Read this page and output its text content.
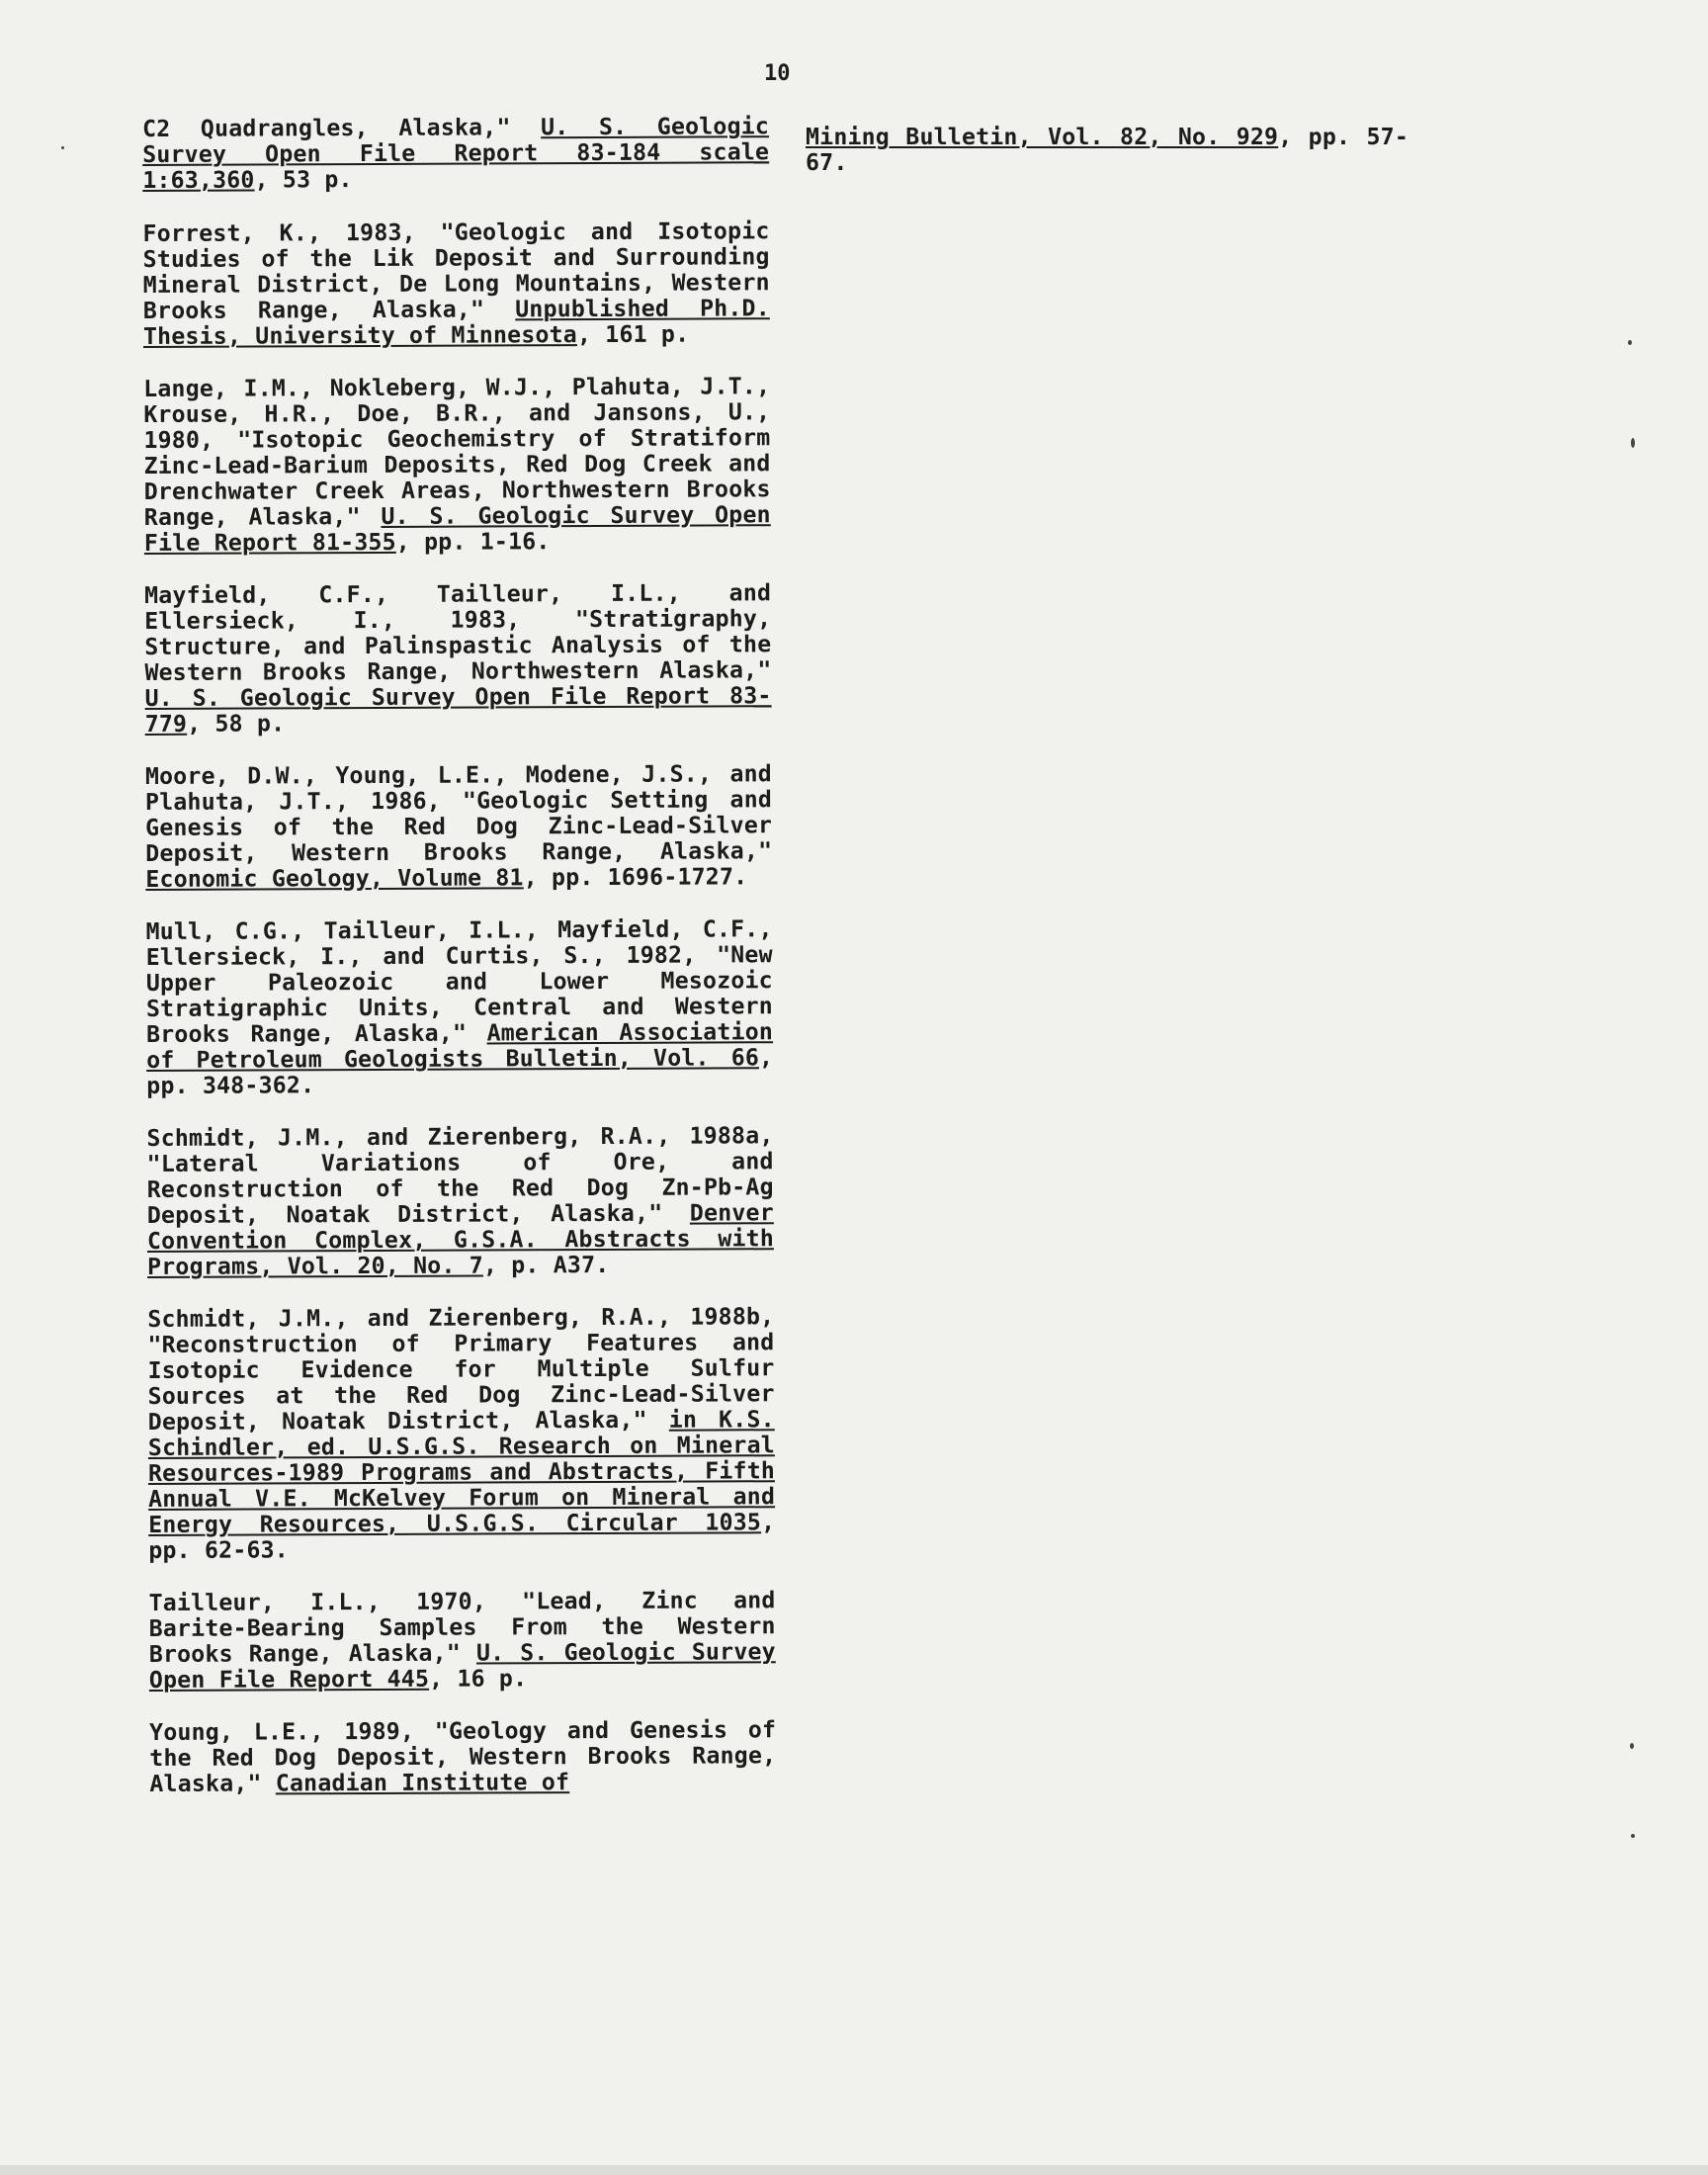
10

C2 Quadrangles, Alaska," U. S. Geologic Survey Open File Report 83-184 scale 1:63,360, 53 p.

Forrest, K., 1983, "Geologic and Isotopic Studies of the Lik Deposit and Surrounding Mineral District, De Long Mountains, Western Brooks Range, Alaska," Unpublished Ph.D. Thesis, University of Minnesota, 161 p.

Lange, I.M., Nokleberg, W.J., Plahuta, J.T., Krouse, H.R., Doe, B.R., and Jansons, U., 1980, "Isotopic Geochemistry of Stratiform Zinc-Lead-Barium Deposits, Red Dog Creek and Drenchwater Creek Areas, Northwestern Brooks Range, Alaska," U. S. Geologic Survey Open File Report 81-355, pp. 1-16.

Mayfield, C.F., Tailleur, I.L., and Ellersieck, I., 1983, "Stratigraphy, Structure, and Palinspastic Analysis of the Western Brooks Range, Northwestern Alaska," U. S. Geologic Survey Open File Report 83-779, 58 p.

Moore, D.W., Young, L.E., Modene, J.S., and Plahuta, J.T., 1986, "Geologic Setting and Genesis of the Red Dog Zinc-Lead-Silver Deposit, Western Brooks Range, Alaska," Economic Geology, Volume 81, pp. 1696-1727.

Mull, C.G., Tailleur, I.L., Mayfield, C.F., Ellersieck, I., and Curtis, S., 1982, "New Upper Paleozoic and Lower Mesozoic Stratigraphic Units, Central and Western Brooks Range, Alaska," American Association of Petroleum Geologists Bulletin, Vol. 66, pp. 348-362.

Schmidt, J.M., and Zierenberg, R.A., 1988a, "Lateral Variations of Ore, and Reconstruction of the Red Dog Zn-Pb-Ag Deposit, Noatak District, Alaska," Denver Convention Complex, G.S.A. Abstracts with Programs, Vol. 20, No. 7, p. A37.

Schmidt, J.M., and Zierenberg, R.A., 1988b, "Reconstruction of Primary Features and Isotopic Evidence for Multiple Sulfur Sources at the Red Dog Zinc-Lead-Silver Deposit, Noatak District, Alaska," in K.S. Schindler, ed. U.S.G.S. Research on Mineral Resources-1989 Programs and Abstracts, Fifth Annual V.E. McKelvey Forum on Mineral and Energy Resources, U.S.G.S. Circular 1035, pp. 62-63.

Tailleur, I.L., 1970, "Lead, Zinc and Barite-Bearing Samples From the Western Brooks Range, Alaska," U. S. Geologic Survey Open File Report 445, 16 p.

Young, L.E., 1989, "Geology and Genesis of the Red Dog Deposit, Western Brooks Range, Alaska," Canadian Institute of

Mining Bulletin, Vol. 82, No. 929, pp. 57-67.
